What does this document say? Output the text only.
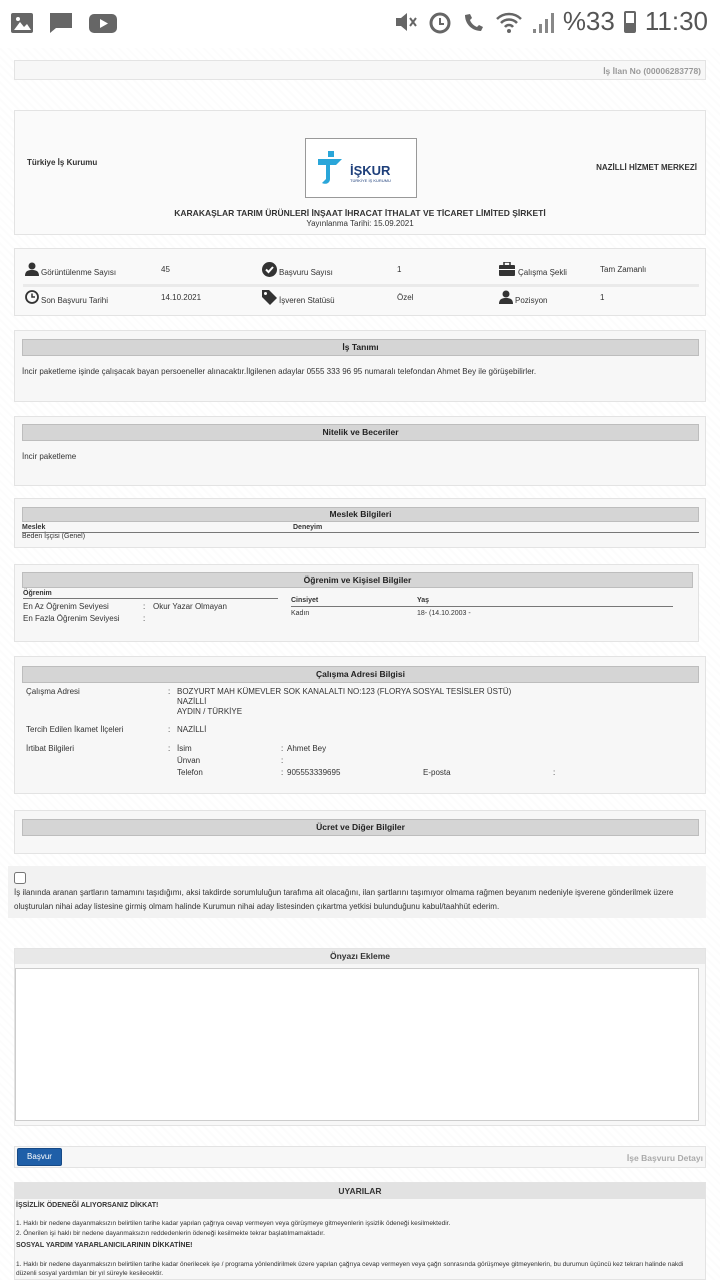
%33 11:30
İş İlan No (00006283778)
Türkiye İş Kurumu
İŞKUR
TÜRKİYE İŞ KURUMU
NAZİLLİ HİZMET MERKEZİ
KARAKAŞLAR TARIM ÜRÜNLERİ İNŞAAT İHRACAT İTHALAT VE TİCARET LİMİTED ŞİRKETİ
Yayınlanma Tarihi: 15.09.2021
Görüntülenme Sayısı	45	Başvuru Sayısı	1	Çalışma Şekli	Tam Zamanlı
Son Başvuru Tarihi	14.10.2021	İşveren Statüsü	Özel	Pozisyon	1
İş Tanımı
İncir paketleme işinde çalışacak bayan persoeneller alınacaktır.İlgilenen adaylar 0555 333 96 95 numaralı telefondan Ahmet Bey ile görüşebilirler.
Nitelik ve Beceriler
İncir paketleme
Meslek Bilgileri
Meslek	Deneyim
Beden İşçisi (Genel)
Öğrenim ve Kişisel Bilgiler
Öğrenim
En Az Öğrenim Seviyesi	: Okur Yazar Olmayan
En Fazla Öğrenim Seviyesi	:
Cinsiyet	Yaş
Kadın	18- (14.10.2003 -
Çalışma Adresi Bilgisi
Çalışma Adresi	: BOZYURT MAH KÜMEVLER SOK KANALALTI NO:123 (FLORYA SOSYAL TESİSLER ÜSTÜ)
NAZİLLİ
AYDIN / TÜRKİYE
Tercih Edilen İkamet İlçeleri	: NAZİLLİ
İrtibat Bilgileri	: İsim	: Ahmet Bey
Ünvan	:
Telefon	: 905553339695	E-posta	:
Ücret ve Diğer Bilgiler
İş ilanında aranan şartların tamamını taşıdığımı, aksi takdirde sorumluluğun tarafıma ait olacağını, ilan şartlarını taşımıyor olmama rağmen beyanım nedeniyle işverene gönderilmek üzere oluşturulan nihai aday listesine girmiş olmam halinde Kurumun nihai aday listesinden çıkartma yetkisi bulunduğunu kabul/taahhüt ederim.
Önyazı Ekleme
Başvur	İşe Başvuru Detayı
UYARILAR
İŞSİZLİK ÖDENEĞİ ALIYORSANIZ DİKKAT!
1. Haklı bir nedene dayanmaksızın belirtilen tarihe kadar yapılan çağrıya cevap vermeyen veya görüşmeye gitmeyenlerin işsizlik ödeneği kesilmektedir.
2. Önerilen işi haklı bir nedene dayanmaksızın reddedenlerin ödeneği kesilmekte tekrar başlatılmamaktadır.
SOSYAL YARDIM YARARLANICILARININ DİKKATİNE!
1. Haklı bir nedene dayanmaksızın belirtilen tarihe kadar önerilecek işe / programa yönlendirilmek üzere yapılan çağrıya cevap vermeyen veya çağrı sonrasında görüşmeye gitmeyenlerin, bu durumun üçüncü kez tekrarı halinde nakdi düzenli sosyal yardımları bir yıl süreyle kesilecektir.
